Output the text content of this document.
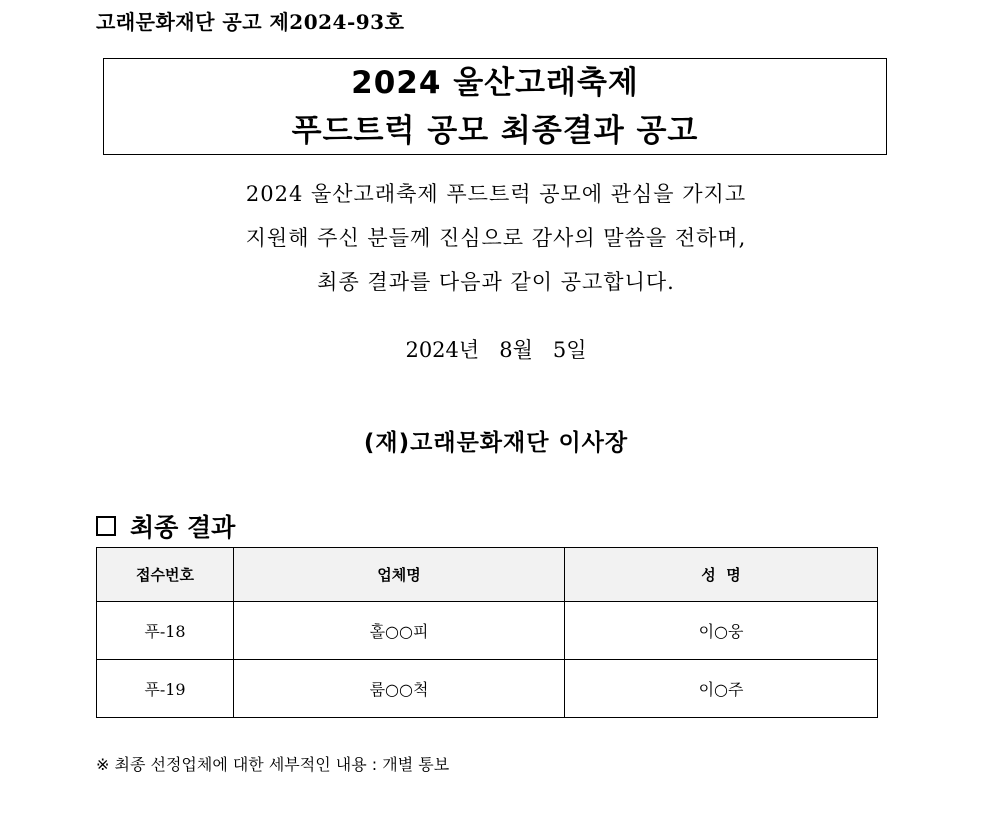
고래문화재단 공고 제2024-93호
2024 울산고래축제
푸드트럭 공모 최종결과 공고
2024 울산고래축제 푸드트럭 공모에 관심을 가지고
지원해 주신 분들께 진심으로 감사의 말씀을 전하며,
최종 결과를 다음과 같이 공고합니다.
2024년   8월   5일
(재)고래문화재단 이사장
최종 결과
접수번호	업체명	성  명
푸-18	홀○○피	이○웅
푸-19	룸○○척	이○주
※ 최종 선정업체에 대한 세부적인 내용 : 개별 통보
